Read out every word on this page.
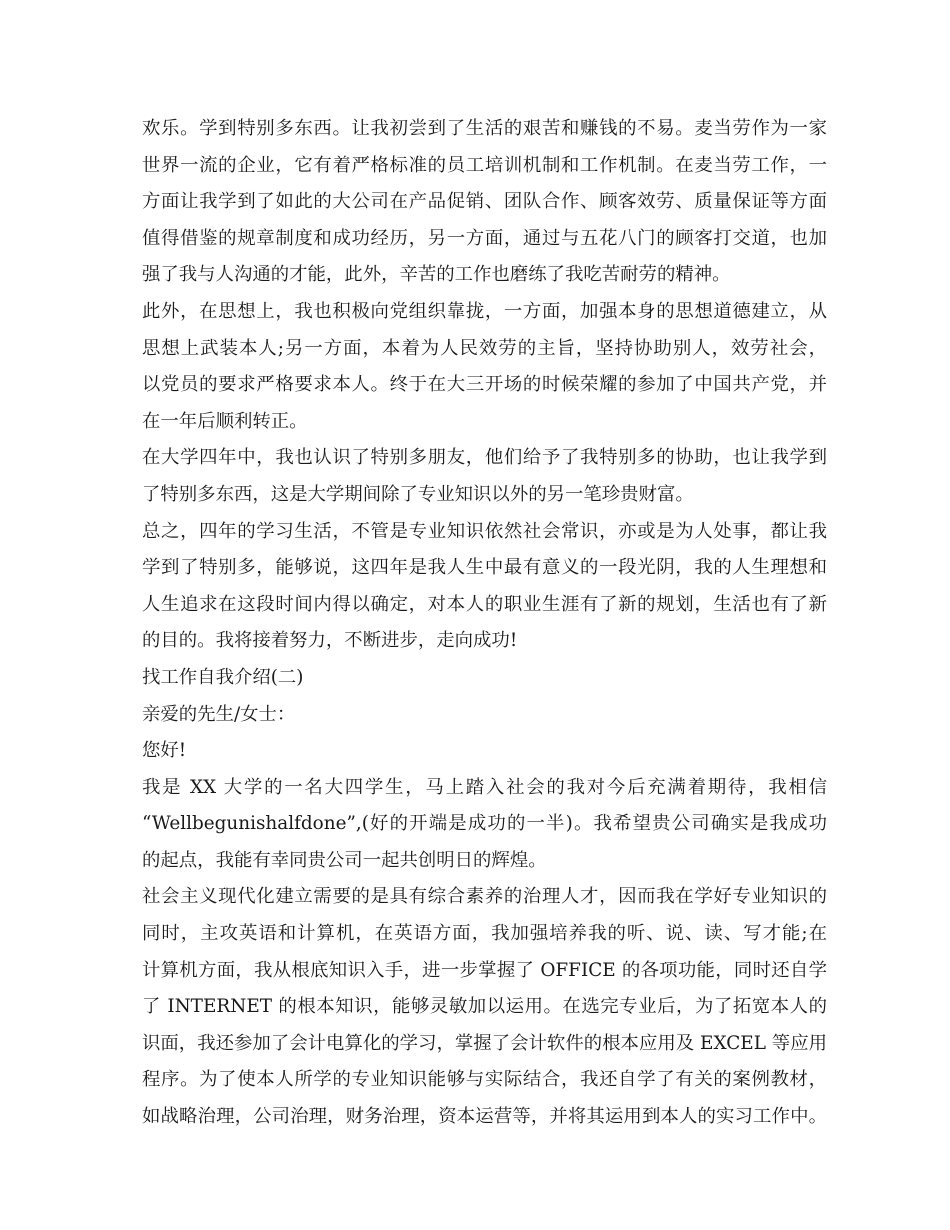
欢乐。学到特别多东西。让我初尝到了生活的艰苦和赚钱的不易。麦当劳作为一家
世界一流的企业，它有着严格标准的员工培训机制和工作机制。在麦当劳工作，一
方面让我学到了如此的大公司在产品促销、团队合作、顾客效劳、质量保证等方面
值得借鉴的规章制度和成功经历，另一方面，通过与五花八门的顾客打交道，也加
强了我与人沟通的才能，此外，辛苦的工作也磨练了我吃苦耐劳的精神。
此外，在思想上，我也积极向党组织靠拢，一方面，加强本身的思想道德建立，从
思想上武装本人;另一方面，本着为人民效劳的主旨，坚持协助别人，效劳社会，
以党员的要求严格要求本人。终于在大三开场的时候荣耀的参加了中国共产党，并
在一年后顺利转正。
在大学四年中，我也认识了特别多朋友，他们给予了我特别多的协助，也让我学到
了特别多东西，这是大学期间除了专业知识以外的另一笔珍贵财富。
总之，四年的学习生活，不管是专业知识依然社会常识，亦或是为人处事，都让我
学到了特别多，能够说，这四年是我人生中最有意义的一段光阴，我的人生理想和
人生追求在这段时间内得以确定，对本人的职业生涯有了新的规划，生活也有了新
的目的。我将接着努力，不断进步，走向成功!
找工作自我介绍(二)
亲爱的先生/女士：
您好!
我是 XX 大学的一名大四学生，马上踏入社会的我对今后充满着期待，我相信
“Wellbegunishalfdone”,(好的开端是成功的一半)。我希望贵公司确实是我成功
的起点，我能有幸同贵公司一起共创明日的辉煌。
社会主义现代化建立需要的是具有综合素养的治理人才，因而我在学好专业知识的
同时，主攻英语和计算机，在英语方面，我加强培养我的听、说、读、写才能;在
计算机方面，我从根底知识入手，进一步掌握了 OFFICE 的各项功能，同时还自学
了 INTERNET 的根本知识，能够灵敏加以运用。在选完专业后，为了拓宽本人的
识面，我还参加了会计电算化的学习，掌握了会计软件的根本应用及 EXCEL 等应用
程序。为了使本人所学的专业知识能够与实际结合，我还自学了有关的案例教材，
如战略治理，公司治理，财务治理，资本运营等，并将其运用到本人的实习工作中。
